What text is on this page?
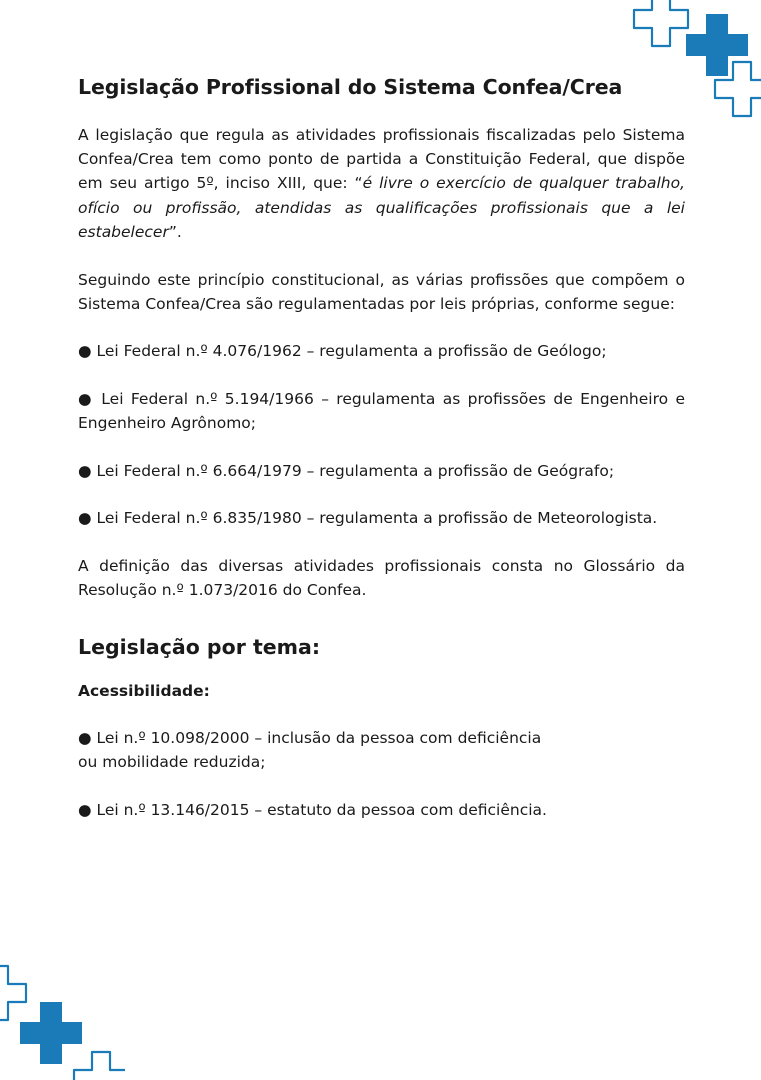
Legislação Profissional do Sistema Confea/Crea

A legislação que regula as atividades profissionais fiscalizadas pelo Sistema Confea/Crea tem como ponto de partida a Constituição Federal, que dispõe em seu artigo 5º, inciso XIII, que: “é livre o exercício de qualquer trabalho, ofício ou profissão, atendidas as qualificações profissionais que a lei estabelecer”.

Seguindo este princípio constitucional, as várias profissões que compõem o Sistema Confea/Crea são regulamentadas por leis próprias, conforme segue:

● Lei Federal n.º 4.076/1962 – regulamenta a profissão de Geólogo;

● Lei Federal n.º 5.194/1966 – regulamenta as profissões de Engenheiro e Engenheiro Agrônomo;

● Lei Federal n.º 6.664/1979 – regulamenta a profissão de Geógrafo;

● Lei Federal n.º 6.835/1980 – regulamenta a profissão de Meteorologista.

A definição das diversas atividades profissionais consta no Glossário da Resolução n.º 1.073/2016 do Confea.

Legislação por tema:
Acessibilidade:

● Lei n.º 10.098/2000 – inclusão da pessoa com deficiência
ou mobilidade reduzida;

● Lei n.º 13.146/2015 – estatuto da pessoa com deficiência.
